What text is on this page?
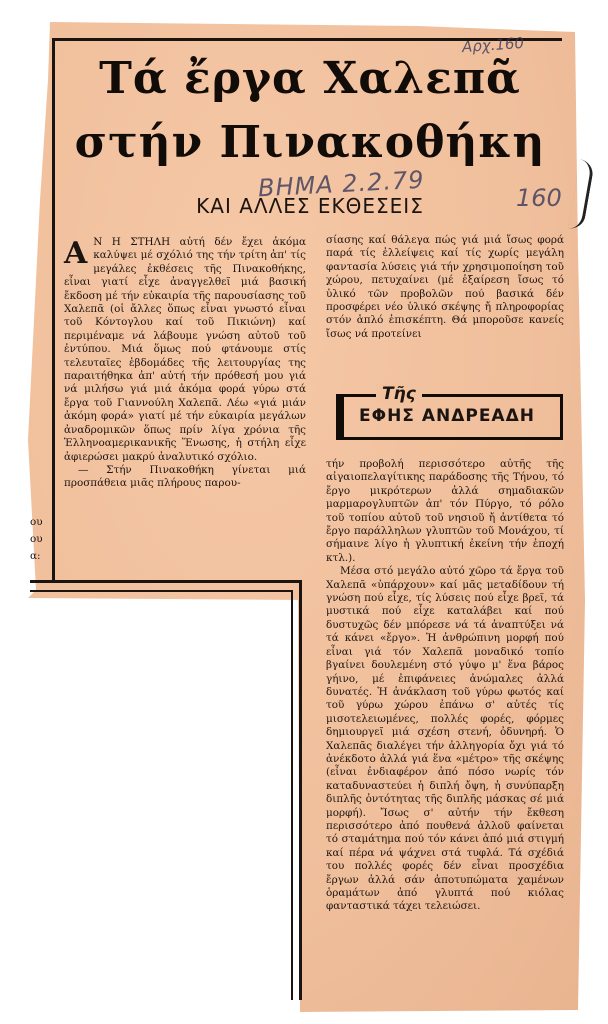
Αρχ.160
ΒΗΜΑ 2.2.79	160
Τά ἔργα Χαλεπᾶ
στήν Πινακοθήκη
ΚΑΙ ΑΛΛΕΣ ΕΚΘΕΣΕΙΣ

Α Ν Η ΣΤΗΛΗ αὐτή δέν ἔχει ἀκόμα καλύψει μέ σχόλιό της τήν τρίτη ἀπ' τίς μεγάλες ἐκθέσεις τῆς Πινακοθήκης, εἶναι γιατί εἶχε ἀναγγελθεῖ μιά βασική ἔκδοση μέ τήν εὐκαιρία τῆς παρουσίασης τοῦ Χαλεπᾶ (οἱ ἄλλες ὅπως εἶναι γνωστό εἶναι τοῦ Κόντογλου καί τοῦ Πικιώνη) καί περιμέναμε νά λάβουμε γνώση αὐτοῦ τοῦ ἐντύπου. Μιά ὅμως πού φτάνουμε στίς τελευταῖες ἑβδομάδες τῆς λειτουργίας της παραιτήθηκα ἀπ' αὐτή τήν πρόθεσή μου γιά νά μιλήσω γιά μιά ἀκόμα φορά γύρω στά ἔργα τοῦ Γιαννούλη Χαλεπᾶ. Λέω «γιά μιάν ἀκόμη φορά» γιατί μέ τήν εὐκαιρία μεγάλων ἀναδρομικῶν ὅπως πρίν λίγα χρόνια τῆς Ἑλληνοαμερικανικῆς Ἕνωσης, ἡ στήλη εἶχε ἀφιερώσει μακρύ ἀναλυτικό σχόλιο.

— Στήν Πινακοθήκη γίνεται μιά προσπάθεια μιᾶς πλήρους παρου-

σίασης καί θάλεγα πώς γιά μιά ἴσως φορά παρά τίς ἐλλείψεις καί τίς χωρίς μεγάλη φαντασία λύσεις γιά τήν χρησιμοποίηση τοῦ χώρου, πετυχαίνει (μέ ἐξαίρεση ἴσως τό ὑλικό τῶν προβολῶν πού βασικά δέν προσφέρει νέο ὑλικό σκέψης ἤ πληροφορίας στόν ἁπλό ἐπισκέπτη. Θά μποροῦσε κανείς ἴσως νά προτείνει

Τῆς
ΕΦΗΣ ΑΝΔΡΕΑΔΗ

τήν προβολή περισσότερο αὐτῆς τῆς αἰγαιοπελαγίτικης παράδοσης τῆς Τήνου, τό ἔργο μικρότερων ἀλλά σημαδιακῶν μαρμαρογλυπτῶν ἀπ' τόν Πύργο, τό ρόλο τοῦ τοπίου αὐτοῦ τοῦ νησιοῦ ἤ ἀντίθετα τό ἔργο παράλληλων γλυπτῶν τοῦ Μονάχου, τί σήμαινε λίγο ἡ γλυπτική ἐκείνη τήν ἐποχή κτλ.).

Μέσα στό μεγάλο αὐτό χῶρο τά ἔργα τοῦ Χαλεπᾶ «ὑπάρχουν» καί μᾶς μεταδίδουν τή γνώση πού εἶχε, τίς λύσεις πού εἶχε βρεῖ, τά μυστικά πού εἶχε καταλάβει καί πού δυστυχῶς δέν μπόρεσε νά τά ἀναπτύξει νά τά κάνει «ἔργο». Ἡ ἀνθρώπινη μορφή πού εἶναι γιά τόν Χαλεπᾶ μοναδικό τοπίο βγαίνει δουλεμένη στό γύψο μ' ἕνα βάρος γήινο, μέ ἐπιφάνειες ἀνώμαλες ἀλλά δυνατές. Ἡ ἀνάκλαση τοῦ γύρω φωτός καί τοῦ γύρω χώρου ἐπάνω σ' αὐτές τίς μισοτελειωμένες, πολλές φορές, φόρμες δημιουργεῖ μιά σχέση στενή, ὀδυνηρή. Ὁ Χαλεπᾶς διαλέγει τήν ἀλληγορία ὄχι γιά τό ἀνέκδοτο ἀλλά γιά ἕνα «μέτρο» τῆς σκέψης (εἶναι ἐνδιαφέρον ἀπό πόσο νωρίς τόν καταδυναστεύει ἡ διπλή ὄψη, ἡ συνύπαρξη διπλῆς ὀντότητας τῆς διπλῆς μάσκας σέ μιά μορφή). Ἴσως σ' αὐτήν τήν ἔκθεση περισσότερο ἀπό πουθενά ἀλλοῦ φαίνεται τό σταμάτημα πού τόν κάνει ἀπό μιά στιγμή καί πέρα νά ψάχνει στά τυφλά. Τά σχέδιά του πολλές φορές δέν εἶναι προσχέδια ἔργων ἀλλά σάν ἀποτυπώματα χαμένων ὁραμάτων ἀπό γλυπτά πού κιόλας φανταστικά τάχει τελειώσει.

ου
ου
α:
